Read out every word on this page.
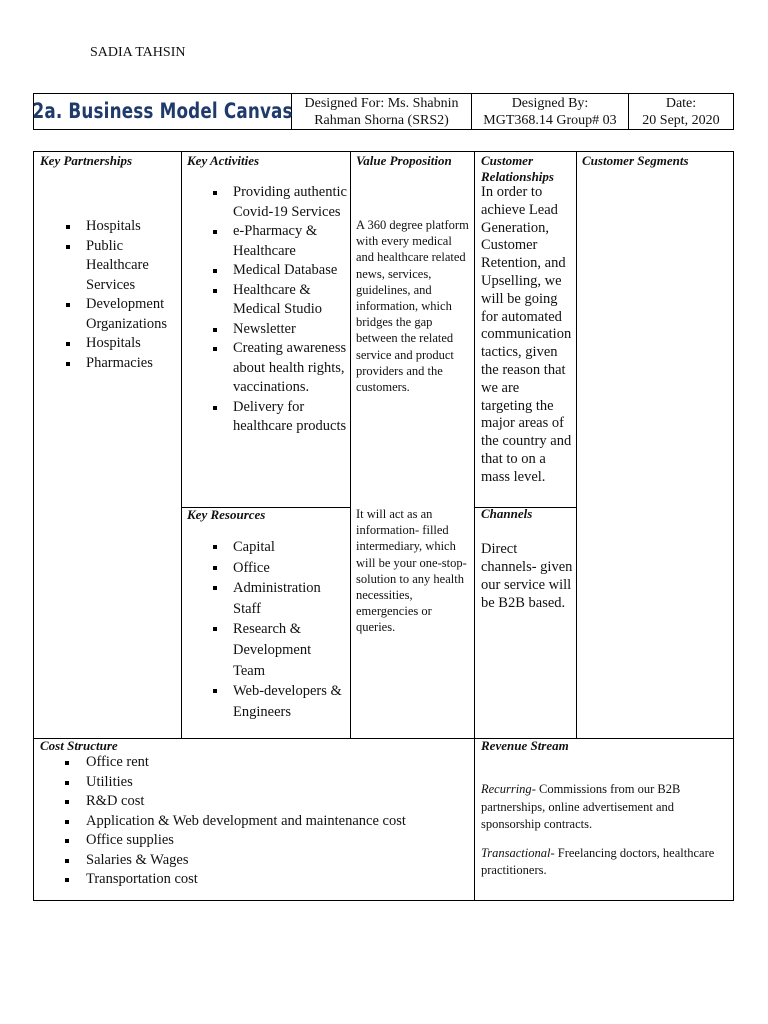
SADIA TAHSIN
2a. Business Model Canvas Designed For: Ms. Shabnin
Rahman Shorna (SRS2)
Designed By:
MGT368.14 Group# 03
Date:
20 Sept, 2020
Key Partnerships
Hospitals
Public Healthcare Services
Development Organizations
Hospitals
Pharmacies
Key Activities
Providing authentic Covid-19 Services
e-Pharmacy & Healthcare
Medical Database
Healthcare & Medical Studio
Newsletter
Creating awareness about health rights, vaccinations.
Delivery for healthcare products
Key Resources
Capital
Office
Administration Staff
Research & Development Team
Web-developers & Engineers
Value Proposition
A 360 degree platform with every medical and healthcare related news, services, guidelines, and information, which bridges the gap between the related service and product providers and the customers.
It will act as an information- filled intermediary, which will be your one-stop-solution to any health necessities, emergencies or queries.
Customer Relationships
In order to achieve Lead Generation, Customer Retention, and Upselling, we will be going for automated communication tactics, given the reason that we are targeting the major areas of the country and that to on a mass level.
Channels
Direct channels- given our service will be B2B based.
Customer Segments
Cost Structure
Office rent
Utilities
R&D cost
Application & Web development and maintenance cost
Office supplies
Salaries & Wages
Transportation cost
Revenue Stream
Recurring- Commissions from our B2B partnerships, online advertisement and sponsorship contracts.
Transactional- Freelancing doctors, healthcare practitioners.
